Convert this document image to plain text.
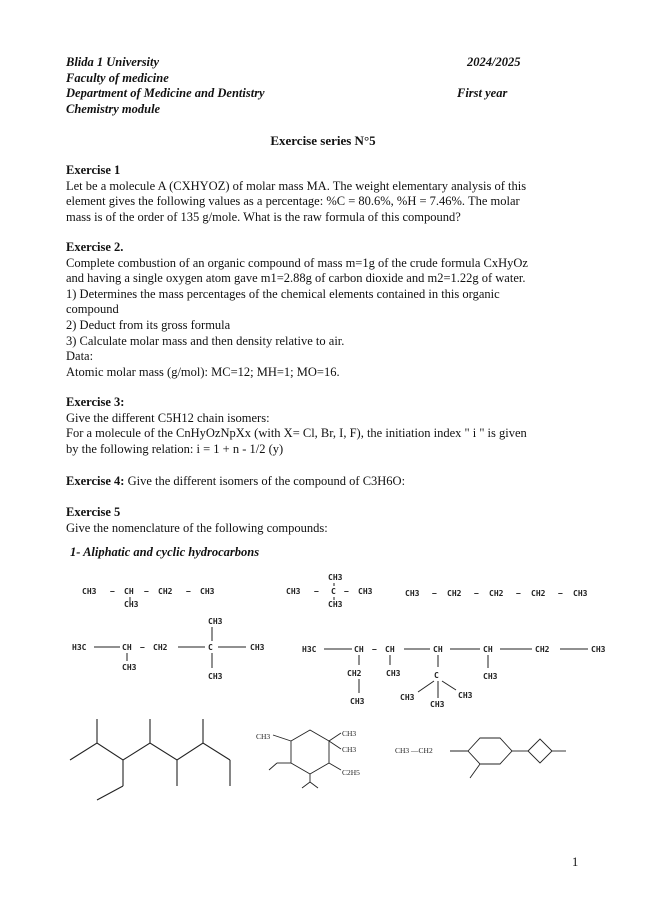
Blida 1 University
Faculty of medicine
Department of Medicine and Dentistry
Chemistry module
2024/2025
First year
Exercise series N°5

Exercise 1

Let be a molecule A (CXHYOZ) of molar mass MA. The weight elementary analysis of this

element gives the following values as a percentage: %C = 80.6%, %H = 7.46%. The molar

mass is of the order of 135 g/mole. What is the raw formula of this compound?

Exercise 2.

Complete combustion of an organic compound of mass m=1g of the crude formula CxHyOz

and having a single oxygen atom gave m1=2.88g of carbon dioxide and m2=1.22g of water.

1) Determines the mass percentages of the chemical elements contained in this organic

compound

2) Deduct from its gross formula

3) Calculate molar mass and then density relative to air.

Data:

Atomic molar mass (g/mol): MC=12; MH=1; MO=16.

Exercise 3:

Give the different C5H12 chain isomers:

For a molecule of the CnHyOzNpXx (with X= Cl, Br, I, F), the initiation index " i " is given

by the following relation: i = 1 + n - 1/2 (y)

Exercise 4: Give the different isomers of the compound of C3H6O:

Exercise 5

Give the nomenclature of the following compounds:

1- Aliphatic and cyclic hydrocarbons
CH3 − CH
CH3
− CH2 − CH3
CH3
CH3 − C − CH3
CH3
CH3 − CH2 − CH2 − CH2 − CH3
H3C	CH
CH3
− CH2	C
CH3
CH3
CH3	H3C	CH
CH2
CH3
− CH
CH3
CH
C
CH3
CH3
CH3
CH
CH3
CH2	CH3
CH3	CH3
CH3
C2H5
CH3 —CH2
1
